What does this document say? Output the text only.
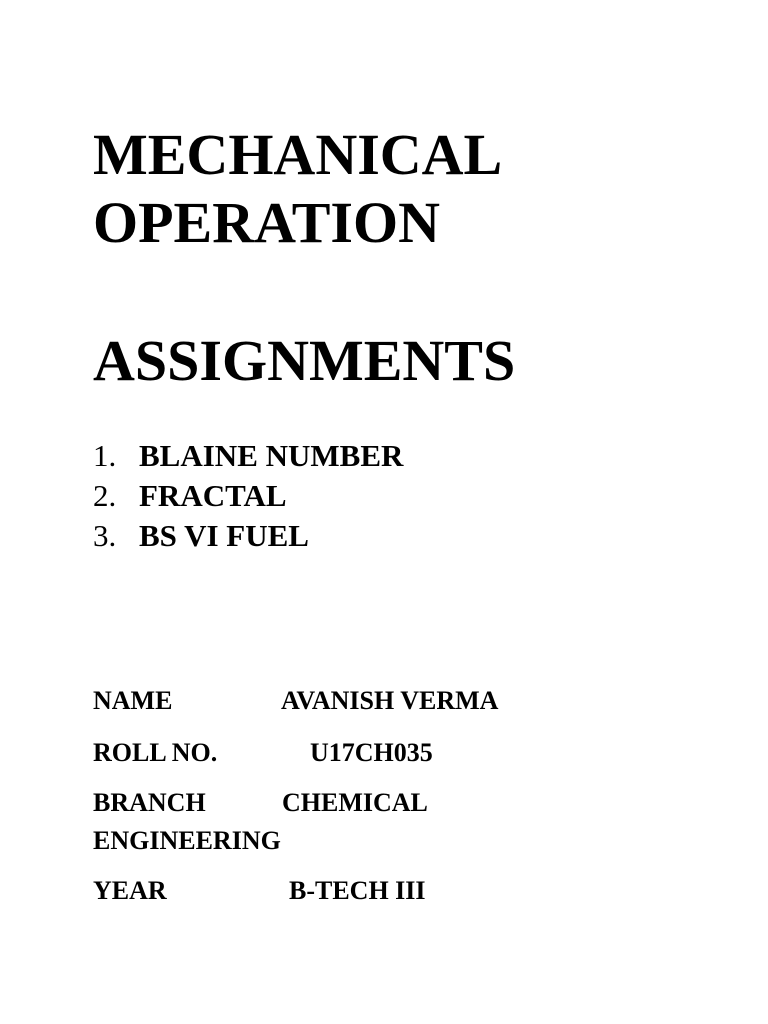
MECHANICAL
OPERATION
ASSIGNMENTS
1. BLAINE NUMBER
2. FRACTAL
3. BS VI FUEL
NAME	AVANISH VERMA
ROLL NO.	U17CH035
BRANCH	CHEMICAL
ENGINEERING
YEAR	B-TECH III
